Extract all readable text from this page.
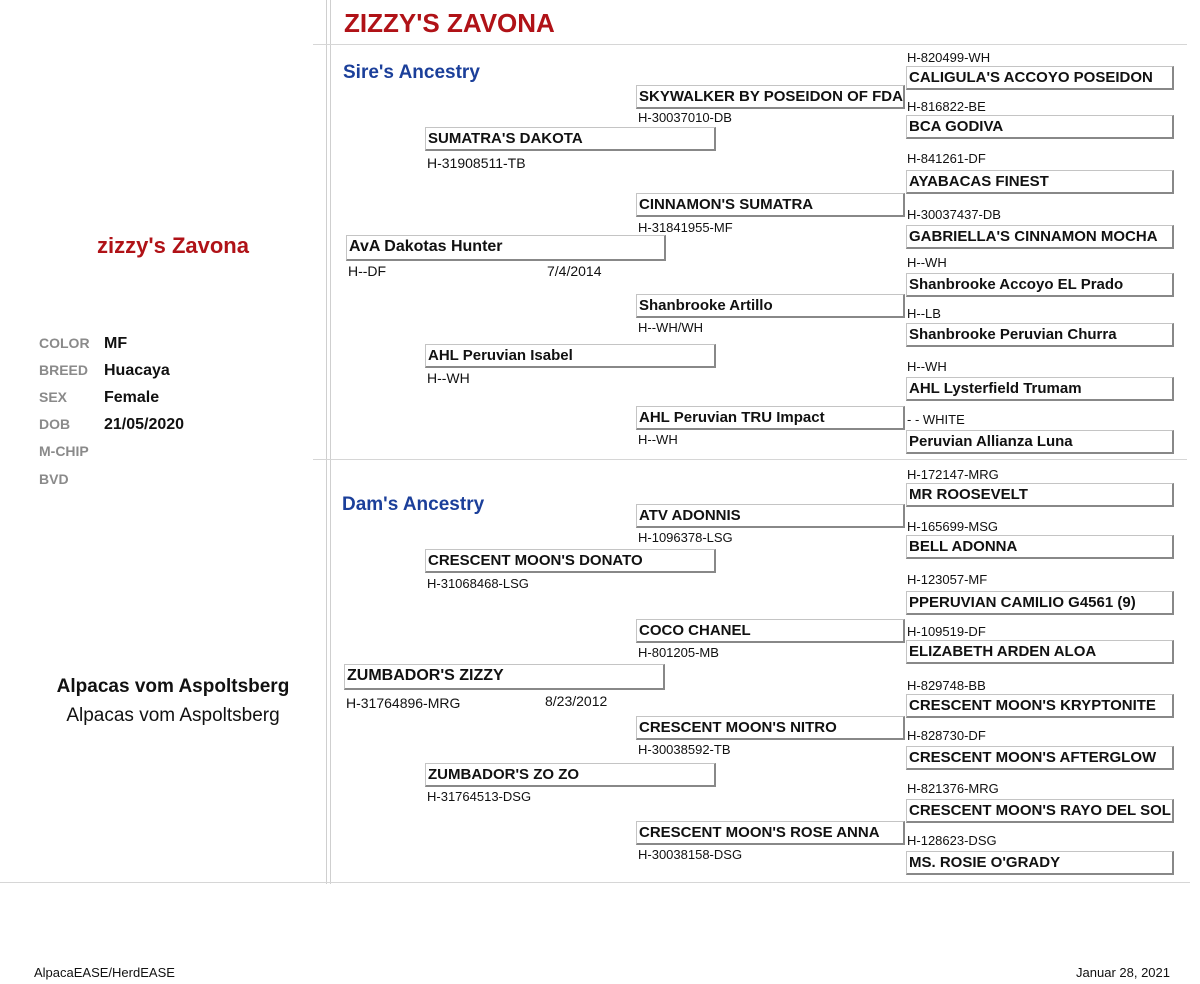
ZIZZY'S ZAVONA
Sire's Ancestry
Dam's Ancestry
zizzy's Zavona
COLOR MF
BREED Huacaya
SEX Female
DOB 21/05/2020
M-CHIP
BVD
Alpacas vom Aspoltsberg
Alpacas vom Aspoltsberg
AvA Dakotas Hunter
H--DF	7/4/2014
ZUMBADOR'S ZIZZY
H-31764896-MRG	8/23/2012
SUMATRA'S DAKOTA
H-31908511-TB
AHL Peruvian Isabel
H--WH
CRESCENT MOON'S DONATO
H-31068468-LSG
ZUMBADOR'S ZO ZO
H-31764513-DSG
SKYWALKER BY POSEIDON OF FDA
H-30037010-DB
CINNAMON'S SUMATRA
H-31841955-MF
Shanbrooke Artillo
H--WH/WH
AHL Peruvian TRU Impact
H--WH
ATV ADONNIS
H-1096378-LSG
COCO CHANEL
H-801205-MB
CRESCENT MOON'S NITRO
H-30038592-TB
CRESCENT MOON'S ROSE ANNA
H-30038158-DSG
H-820499-WH
CALIGULA'S ACCOYO POSEIDON
H-816822-BE
BCA GODIVA
H-841261-DF
AYABACAS FINEST
H-30037437-DB
GABRIELLA'S CINNAMON MOCHA
H--WH
Shanbrooke Accoyo EL Prado
H--LB
Shanbrooke Peruvian Churra
H--WH
AHL Lysterfield Trumam
- - WHITE
Peruvian Allianza Luna
H-172147-MRG
MR ROOSEVELT
H-165699-MSG
BELL ADONNA
H-123057-MF
PPERUVIAN CAMILIO G4561 (9)
H-109519-DF
ELIZABETH ARDEN ALOA
H-829748-BB
CRESCENT MOON'S KRYPTONITE
H-828730-DF
CRESCENT MOON'S AFTERGLOW
H-821376-MRG
CRESCENT MOON'S RAYO DEL SOL
H-128623-DSG
MS. ROSIE O'GRADY
AlpacaEASE/HerdEASE	Januar 28, 2021
